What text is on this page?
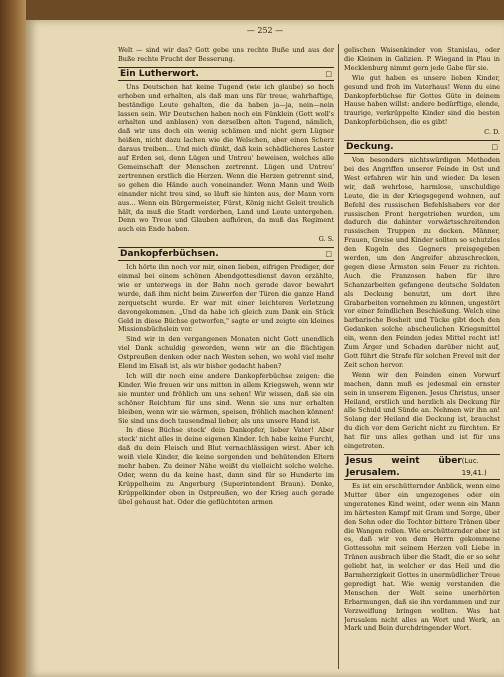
— 252 —

Welt — sind wir das? Gott gebe uns rechte Buße und aus der Buße rechte Frucht der Besserung.

Ein Lutherwort.	□

Uns Deutschen hat keine Tugend (wie ich glaube) so hoch erhoben und erhalten, als daß man uns für treue, wahrhaftige, beständige Leute gehalten, die da haben ja—ja, nein—nein lassen sein. Wir Deutschen haben noch ein Fünklein (Gott woll's erhalten und anblasen) von derselben alten Tugend, nämlich, daß wir uns doch ein wenig schämen und nicht gern Lügner heißen, nicht dazu lachen wie die Welschen, aber einen Scherz daraus treiben... Und mich dünkt, daß kein schädlicheres Laster auf Erden sei, denn Lügen und Untreu' beweisen, welches alle Gemeinschaft der Menschen zertrennt. Lügen und Untreu' zertrennen erstlich die Herzen. Wenn die Herzen getrennt sind, so gehen die Hände auch voneinander. Wenn Mann und Weib einander nicht treu sind, so läuft sie hinten aus, der Mann vorn aus... Wenn ein Bürgermeister, Fürst, König nicht Geleit treulich hält, da muß die Stadt verderben, Land und Leute untergehen. Denn wo Treue und Glauben aufhören, da muß das Regiment auch ein Ende haben.

G. S.

Dankopferbüchsen.	□

Ich hörte ihn noch vor mir, einen lieben, eifrigen Prediger, der einmal bei einem schönen Abendgottesdienst davon erzählte, wie er unterwegs in der Bahn noch gerade davor bewahrt wurde, daß ihm nicht beim Zuwerfen der Türen die ganze Hand zerquetscht wurde. Er war mit einer leichteren Verletzung davongekommen. „Und da habe ich gleich zum Dank ein Stück Geld in diese Büchse getworfen," sagte er und zeigte ein kleines Missionsbüchslein vor.

Sind wir in den vergangenen Monaten nicht Gott unendlich viel Dank schuldig geworden, wenn wir an die flüchtigen Ostpreußen denken oder nach Westen sehen, wo wohl viel mehr Elend im Elsaß ist, als wir bisher gedacht haben?

Ich will dir noch eine andere Dankopferbüchse zeigen: die Kinder. Wie freuen wir uns mitten in allem Kriegsweh, wenn wir sie munter und fröhlich um uns sehen! Wir wissen, daß sie ein schöner Reichtum für uns sind. Wenn sie uns nur erhalten bleiben, wenn wir sie wärmen, speisen, fröhlich machen können! Sie sind uns doch tausendmal lieber, als uns unsere Hand ist.

In diese Büchse steck' dein Dankopfer, lieber Vater! Aber steck' nicht alles in deine eigenen Kinder. Ich habe keine Furcht, daß du dein Fleisch und Blut vernachlässigen wirst. Aber ich weiß viele Kinder, die keine sorgenden und behütenden Eltern mehr haben. Zu deiner Nähe weißt du vielleicht solche welche. Oder, wenn du da keine hast, dann sind für so Hunderte im Krüppelheim zu Angerburg (Superintendent Braun). Denke, Krüppelkinder oben in Ostpreußen, wo der Krieg auch gerade übel gehaust hat. Oder die geflüchteten armen

gelischen Waisenkinder von Stanislau, oder die Kleinen in Galizien. P. Wiegand in Plau in Mecklenburg nimmt gern jede Gabe für sie.

Wie gut haben es unsere lieben Kinder, gesund und froh im Vaterhaus! Wenn du eine Dankopferbüchse für Gottes Güte in deinem Hause haben willst: andere bedürftige, elende, traurige, verkrüppelte Kinder sind die besten Dankopferbüchsen, die es gibt!

C. D.

Deckung.	□

Von besonders nichtswürdigen Methoden bei des Angriffen unserer Feinde in Ost und West erfahren wir hin und wieder. Da lesen wir, daß wehrlose, harmlose, unschuldige Leute, die in der Kriegsgegend wohnen, auf Befehl des russischen Befehlshabers vor der russischen Front hergetrieben wurden, um dadurch die dahinter vorwärtsschreitenden russischen Truppen zu decken. Männer, Frauen, Greise und Kinder sollten so schutzlos den Kugeln des Gegners preisgegeben werden, um den Angreifer abzuschrecken, gegen diese Ärmsten sein Feuer zu richten. Auch die Franzosen haben für ihre Schanzarbeiten gefangene deutsche Soldaten als Deckung benutzt, um dort ihre Grabarbeiten vornehmen zu können, ungestört vor einer feindlichen Beschießung. Welch eine barbarische Bosheit und Tücke gibt doch den Gedanken solche abscheulichen Kriegsmittel ein, wenn den Feinden jedes Mittel recht ist! Zum Ärger und Schaden darüber nicht auf, Gott führt die Strafe für solchen Frevel mit der Zeit schon hervor.

Wenn wir den Feinden einen Vorwurf machen, dann muß es jedesmal ein ernster sein in unserem Eigenen. Jesus Christus, unser Heiland, erstlich und herzlich als Deckung für alle Schuld und Sünde an. Nehmen wir ihn an! Solang der Heiland die Deckung ist, brauchst du dich vor dem Gericht nicht zu fürchten. Er hat für uns alles gethan und ist für uns eingetreten.

Jesus weint über Jerusalem.
(Luc. 19,41.)

Es ist ein erschütternder Anblick, wenn eine Mutter über ein ungezogenes oder ein ungeratenes Kind weint, oder wenn ein Mann im härtesten Kampf mit Gram und Sorge, über den Sohn oder die Tochter bittere Tränen über die Wangen rollen. Wie erschütternder aber ist es, daß wir von dem Herrn gekommene Gottessohn mit seinem Herzen voll Liebe in Tränen ausbrach über die Stadt, die er so sehr geliebt hat, in welcher er das Heil und die Barmherzigkeit Gottes in unermüdlicher Treue gepredigt hat. Wie wenig verstanden die Menschen der Welt seine unerhörten Erbarmungen, daß sie ihn verdammen und zur Verzweiflung bringen wollten. Was hat Jerusalem nicht alles an Wort und Werk, an Mark und Bein durchdringender Wort.
